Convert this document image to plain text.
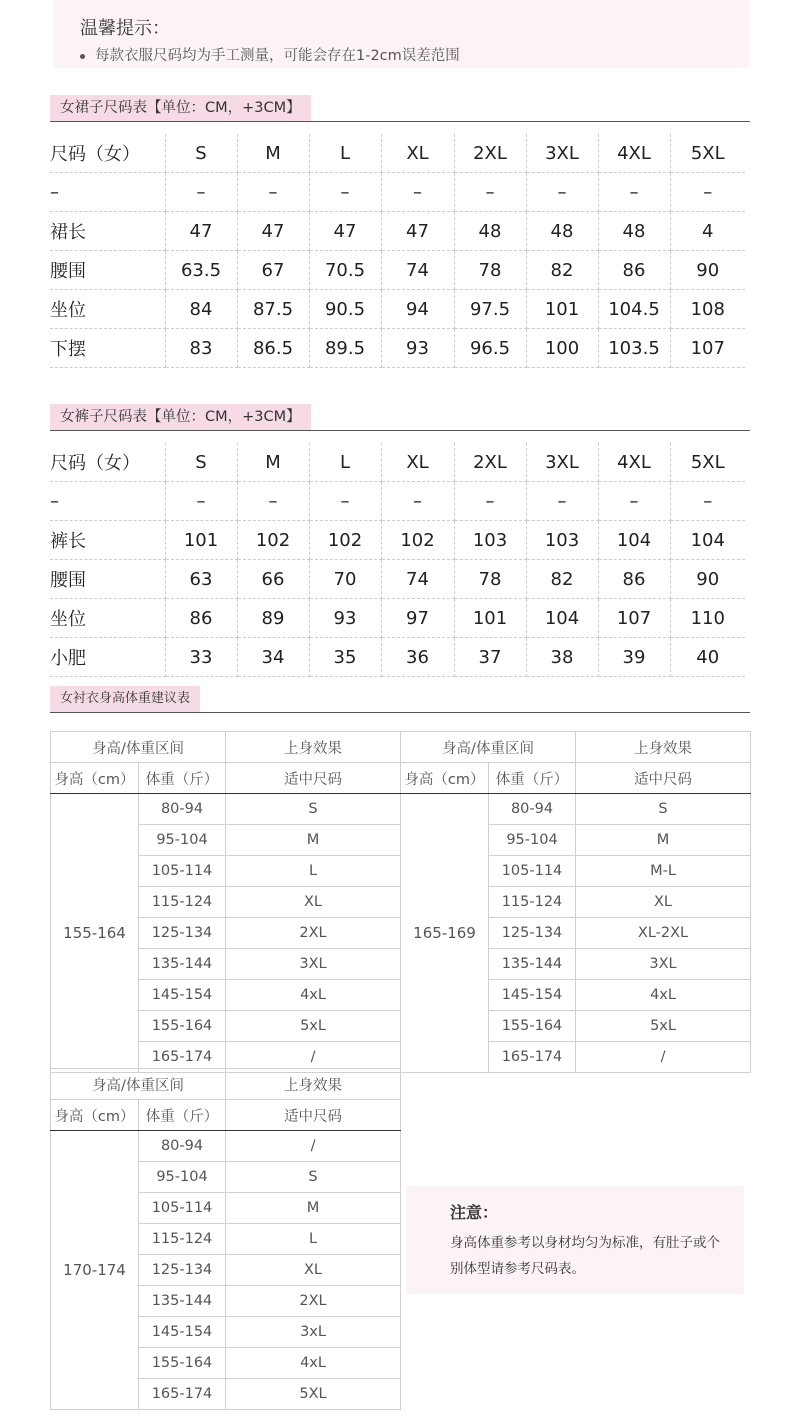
温馨提示：
每款衣服尺码均为手工测量，可能会存在1-2cm误差范围
女裙子尺码表【单位：CM，+3CM】
尺码（女）	S	M	L	XL	2XL	3XL	4XL	5XL
–	–	–	–	–	–	–	–	–
裙长	47	47	47	47	48	48	48	4
腰围	63.5	67	70.5	74	78	82	86	90
坐位	84	87.5	90.5	94	97.5	101	104.5	108
下摆	83	86.5	89.5	93	96.5	100	103.5	107
女裤子尺码表【单位：CM，+3CM】
尺码（女）	S	M	L	XL	2XL	3XL	4XL	5XL
–	–	–	–	–	–	–	–	–
裤长	101	102	102	102	103	103	104	104
腰围	63	66	70	74	78	82	86	90
坐位	86	89	93	97	101	104	107	110
小肥	33	34	35	36	37	38	39	40
女衬衣身高体重建议表
身高/体重区间		上身效果
身高（cm）	体重（斤）	适中尺码
155-164	80-94	S
	95-104	M
	105-114	L
	115-124	XL
	125-134	2XL
	135-144	3XL
	145-154	4xL
	155-164	5xL
	165-174	/
身高/体重区间		上身效果
身高（cm）	体重（斤）	适中尺码
165-169	80-94	S
	95-104	M
	105-114	M-L
	115-124	XL
	125-134	XL-2XL
	135-144	3XL
	145-154	4xL
	155-164	5xL
	165-174	/
身高/体重区间		上身效果
身高（cm）	体重（斤）	适中尺码
170-174	80-94	/
	95-104	S
	105-114	M
	115-124	L
	125-134	XL
	135-144	2XL
	145-154	3xL
	155-164	4xL
	165-174	5XL
注意：
身高体重参考以身材均匀为标准，有肚子或个别体型请参考尺码表。
